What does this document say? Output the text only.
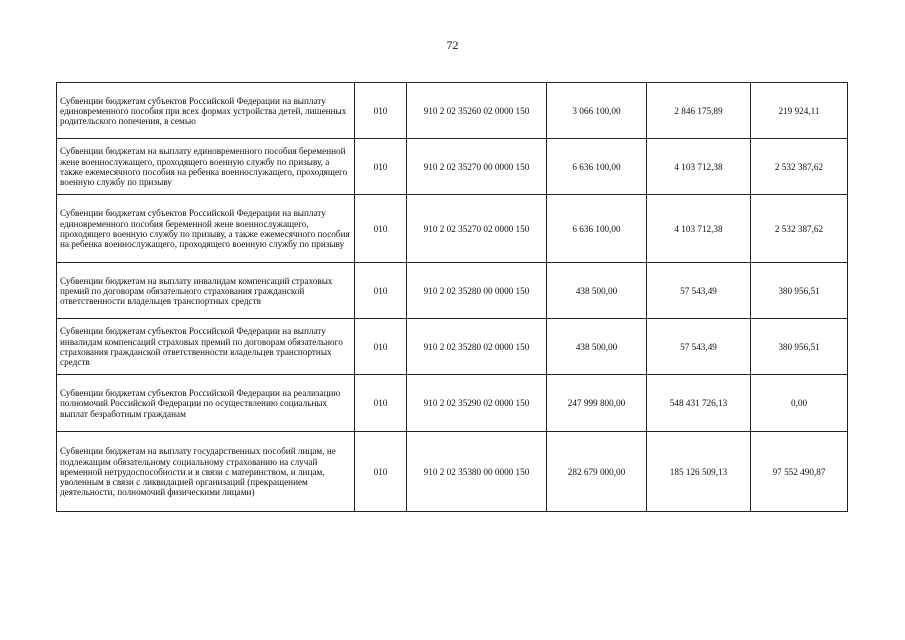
72
Субвенции бюджетам субъектов Российской Федерации на выплату единовременного пособия при всех формах устройства детей, лишенных родительского попечения, в семью	010	910 2 02 35260 02 0000 150	3 066 100,00	2 846 175,89	219 924,11
Субвенции бюджетам на выплату единовременного пособия беременной жене военнослужащего, проходящего военную службу по призыву, а также ежемесячного пособия на ребенка военнослужащего, проходящего военную службу по призыву	010	910 2 02 35270 00 0000 150	6 636 100,00	4 103 712,38	2 532 387,62
Субвенции бюджетам субъектов Российской Федерации на выплату единовременного пособия беременной жене военнослужащего, проходящего военную службу по призыву, а также ежемесячного пособия на ребенка военнослужащего, проходящего военную службу по призыву	010	910 2 02 35270 02 0000 150	6 636 100,00	4 103 712,38	2 532 387,62
Субвенции бюджетам на выплату инвалидам компенсаций страховых премий по договорам обязательного страхования гражданской ответственности владельцев транспортных средств	010	910 2 02 35280 00 0000 150	438 500,00	57 543,49	380 956,51
Субвенции бюджетам субъектов Российской Федерации на выплату инвалидам компенсаций страховых премий по договорам обязательного страхования гражданской ответственности владельцев транспортных средств	010	910 2 02 35280 02 0000 150	438 500,00	57 543,49	380 956,51
Субвенции бюджетам субъектов Российской Федерации на реализацию полномочий Российской Федерации по осуществлению социальных выплат безработным гражданам	010	910 2 02 35290 02 0000 150	247 999 800,00	548 431 726,13	0,00
Субвенции бюджетам на выплату государственных пособий лицам, не подлежащим обязательному социальному страхованию на случай временной нетрудоспособности и в связи с материнством, и лицам, уволенным в связи с ликвидацией организаций (прекращением деятельности, полномочий физическими лицами)	010	910 2 02 35380 00 0000 150	282 679 000,00	185 126 509,13	97 552 490,87
